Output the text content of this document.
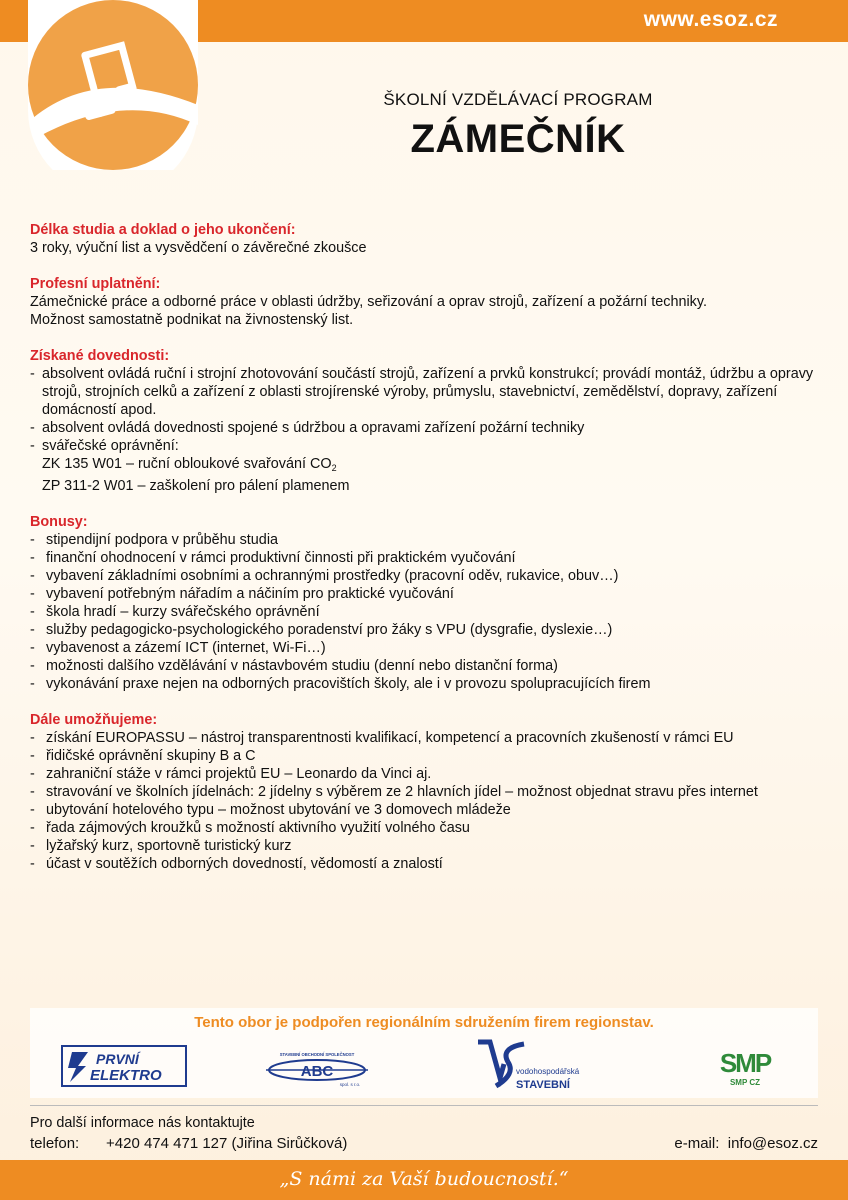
www.esoz.cz
ŠKOLNÍ VZDĚLÁVACÍ PROGRAM
ZÁMEČNÍK
Délka studia a doklad o jeho ukončení:

3 roky, výuční list a vysvědčení o závěrečné zkoušce

Profesní uplatnění:

Zámečnické práce a odborné práce v oblasti údržby, seřizování a oprav strojů, zařízení a požární techniky.

Možnost samostatně podnikat na živnostenský list.

Získané dovednosti:
- absolvent ovládá ruční i strojní zhotovování součástí strojů, zařízení a prvků konstrukcí; provádí montáž, údržbu a opravy strojů, strojních celků a zařízení z oblasti strojírenské výroby, průmyslu, stavebnictví, zemědělství, dopravy, zařízení domácností apod.
- absolvent ovládá dovednosti spojené s údržbou a opravami zařízení požární techniky
- svářečské oprávnění:
ZK 135 W01 – ruční obloukové svařování $CO_2$
ZP 311-2 W01 – zaškolení pro pálení plamenem
Bonusy:
- stipendijní podpora v průběhu studia
- finanční ohodnocení v rámci produktivní činnosti při praktickém vyučování
- vybavení základními osobními a ochrannými prostředky (pracovní oděv, rukavice, obuv…)
- vybavení potřebným nářadím a náčiním pro praktické vyučování
- škola hradí – kurzy svářečského oprávnění
- služby pedagogicko-psychologického poradenství pro žáky s VPU (dysgrafie, dyslexie…)
- vybavenost a zázemí ICT (internet, Wi-Fi…)
- možnosti dalšího vzdělávání v nástavbovém studiu (denní nebo distanční forma)
- vykonávání praxe nejen na odborných pracovištích školy, ale i v provozu spolupracujících firem
Dále umožňujeme:
- získání EUROPASSU – nástroj transparentnosti kvalifikací, kompetencí a pracovních zkušeností v rámci EU
- řidičské oprávnění skupiny B a C
- zahraniční stáže v rámci projektů EU – Leonardo da Vinci aj.
- stravování ve školních jídelnách: 2 jídelny s výběrem ze 2 hlavních jídel – možnost objednat stravu přes internet
- ubytování hotelového typu – možnost ubytování ve 3 domovech mládeže
- řada zájmových kroužků s možností aktivního využití volného času
- lyžařský kurz, sportovně turistický kurz
- účast v soutěžích odborných dovedností, vědomostí a znalostí
Tento obor je podpořen regionálním sdružením firem regionstav.
PRVNÍ
ELEKTRO
STAVEBNÍ OBCHODNÍ SPOLEČNOST
ABC
spol. s r.o.
vodohospodářská
STAVEBNÍ
SMP
SMP CZ
Pro další informace nás kontaktujte
telefon: +420 474 471 127 (Jiřina Sirůčková)	e-mail: info@esoz.cz
„S námi za Vaší budoucností.“
